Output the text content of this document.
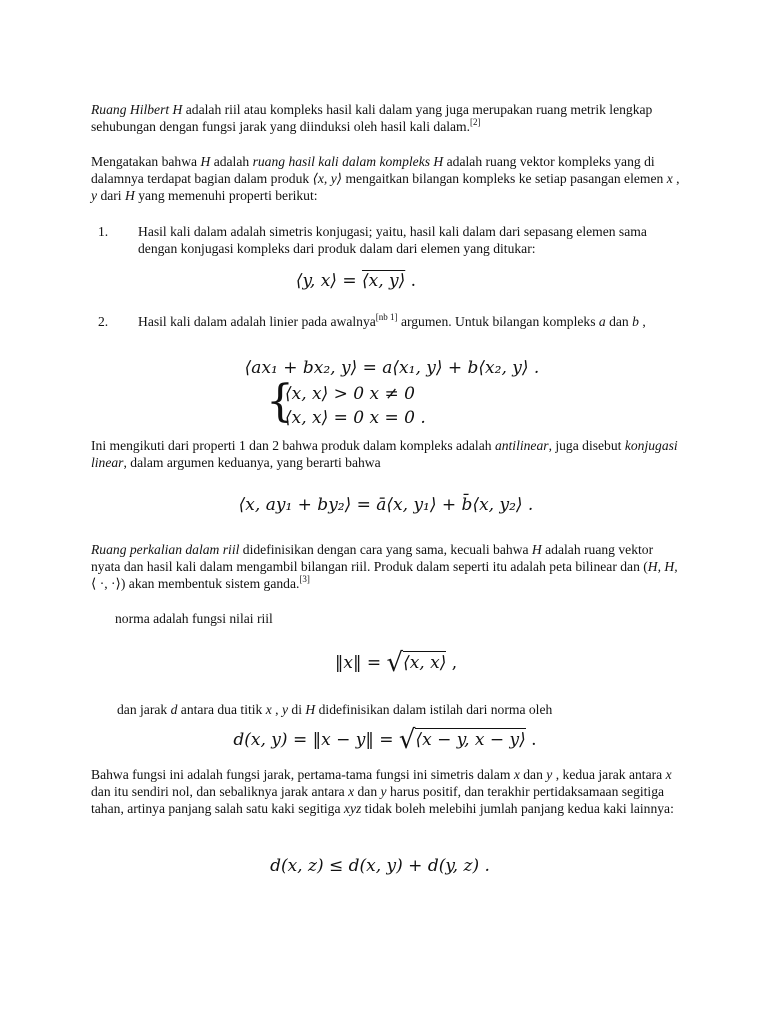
Ruang Hilbert H adalah riil atau kompleks hasil kali dalam yang juga merupakan ruang metrik lengkap sehubungan dengan fungsi jarak yang diinduksi oleh hasil kali dalam.[2]

Mengatakan bahwa H adalah ruang hasil kali dalam kompleks H adalah ruang vektor kompleks yang di dalamnya terdapat bagian dalam produk ⟨x, y⟩ mengaitkan bilangan kompleks ke setiap pasangan elemen x , y dari H yang memenuhi properti berikut:

1. Hasil kali dalam adalah simetris konjugasi; yaitu, hasil kali dalam dari sepasang elemen sama dengan konjugasi kompleks dari produk dalam dari elemen yang ditukar:

⟨y, x⟩ = ⟨x, y⟩ .

2. Hasil kali dalam adalah linier pada awalnya[nb 1] argumen. Untuk bilangan kompleks a dan b ,

⟨ax₁ + bx₂, y⟩ = a⟨x₁, y⟩ + b⟨x₂, y⟩ .
{
⟨x, x⟩ > 0 x ≠ 0
⟨x, x⟩ = 0 x = 0 .

Ini mengikuti dari properti 1 dan 2 bahwa produk dalam kompleks adalah antilinear, juga disebut konjugasi linear, dalam argumen keduanya, yang berarti bahwa

⟨x, ay₁ + by₂⟩ = ā⟨x, y₁⟩ + b̄⟨x, y₂⟩ .

Ruang perkalian dalam riil didefinisikan dengan cara yang sama, kecuali bahwa H adalah ruang vektor nyata dan hasil kali dalam mengambil bilangan riil. Produk dalam seperti itu adalah peta bilinear dan (H, H, ⟨ ·, ·⟩) akan membentuk sistem ganda.[3]

norma adalah fungsi nilai riil

‖x‖ = √⟨x, x⟩ ,

dan jarak d antara dua titik x , y di H didefinisikan dalam istilah dari norma oleh

d(x, y) = ‖x − y‖ = √⟨x − y, x − y⟩ .

Bahwa fungsi ini adalah fungsi jarak, pertama-tama fungsi ini simetris dalam x dan y , kedua jarak antara x dan itu sendiri nol, dan sebaliknya jarak antara x dan y harus positif, dan terakhir pertidaksamaan segitiga tahan, artinya panjang salah satu kaki segitiga xyz tidak boleh melebihi jumlah panjang kedua kaki lainnya:

d(x, z) ≤ d(x, y) + d(y, z) .
